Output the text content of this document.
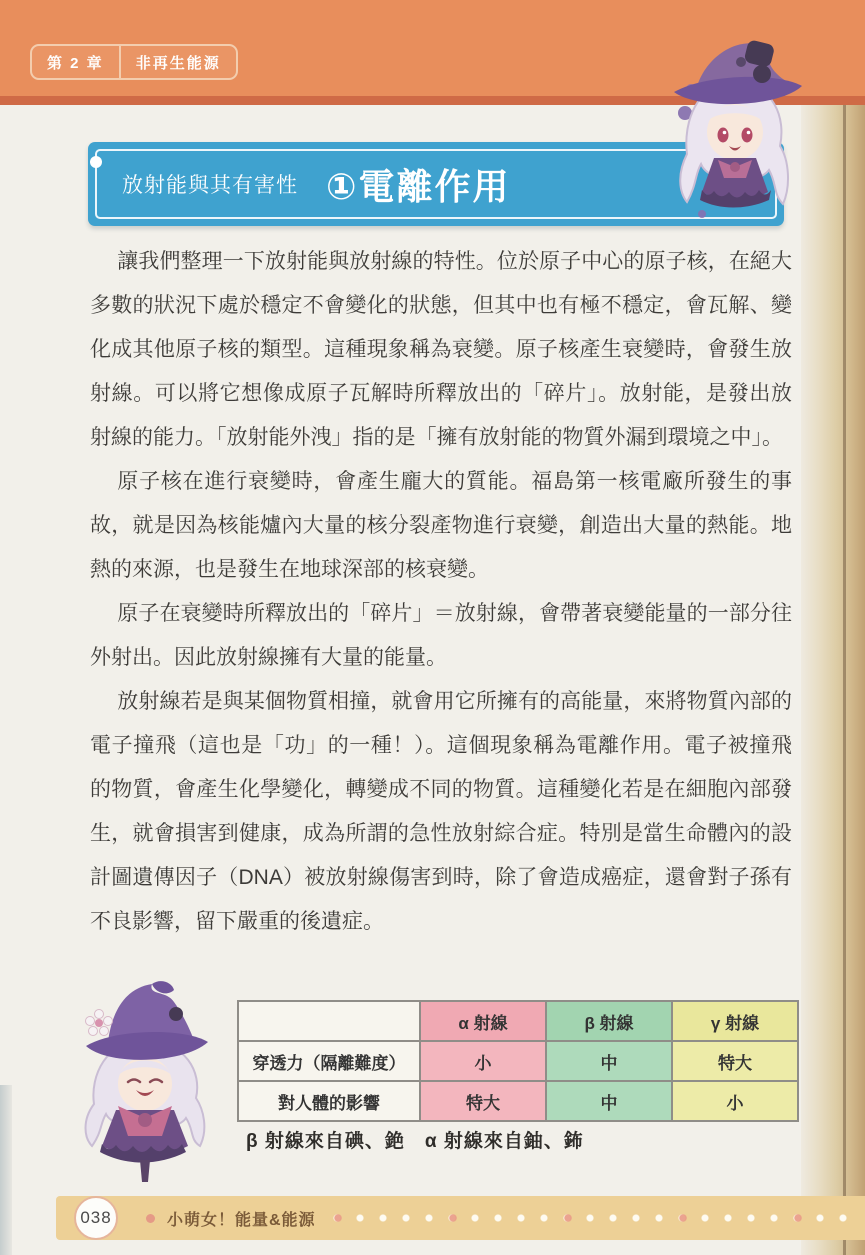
第 2 章	非再生能源
放射能與其有害性 ①電離作用

讓我們整理一下放射能與放射線的特性。位於原子中心的原子核，在絕大多數的狀況下處於穩定不會變化的狀態，但其中也有極不穩定，會瓦解、變化成其他原子核的類型。這種現象稱為衰變。原子核產生衰變時，會發生放射線。可以將它想像成原子瓦解時所釋放出的「碎片」。放射能，是發出放射線的能力。「放射能外洩」指的是「擁有放射能的物質外漏到環境之中」。

原子核在進行衰變時，會產生龐大的質能。福島第一核電廠所發生的事故，就是因為核能爐內大量的核分裂產物進行衰變，創造出大量的熱能。地熱的來源，也是發生在地球深部的核衰變。

原子在衰變時所釋放出的「碎片」＝放射線，會帶著衰變能量的一部分往外射出。因此放射線擁有大量的能量。

放射線若是與某個物質相撞，就會用它所擁有的高能量，來將物質內部的電子撞飛（這也是「功」的一種！）。這個現象稱為電離作用。電子被撞飛的物質，會產生化學變化，轉變成不同的物質。這種變化若是在細胞內部發生，就會損害到健康，成為所謂的急性放射綜合症。特別是當生命體內的設計圖遺傳因子（DNA）被放射線傷害到時，除了會造成癌症，還會對子孫有不良影響，留下嚴重的後遺症。

	α 射線	β 射線	γ 射線
穿透力（隔離難度）	小	中	特大
對人體的影響	特大	中	小
β 射線來自碘、銫　α 射線來自鈾、鈽
038	小萌女！能量&能源
